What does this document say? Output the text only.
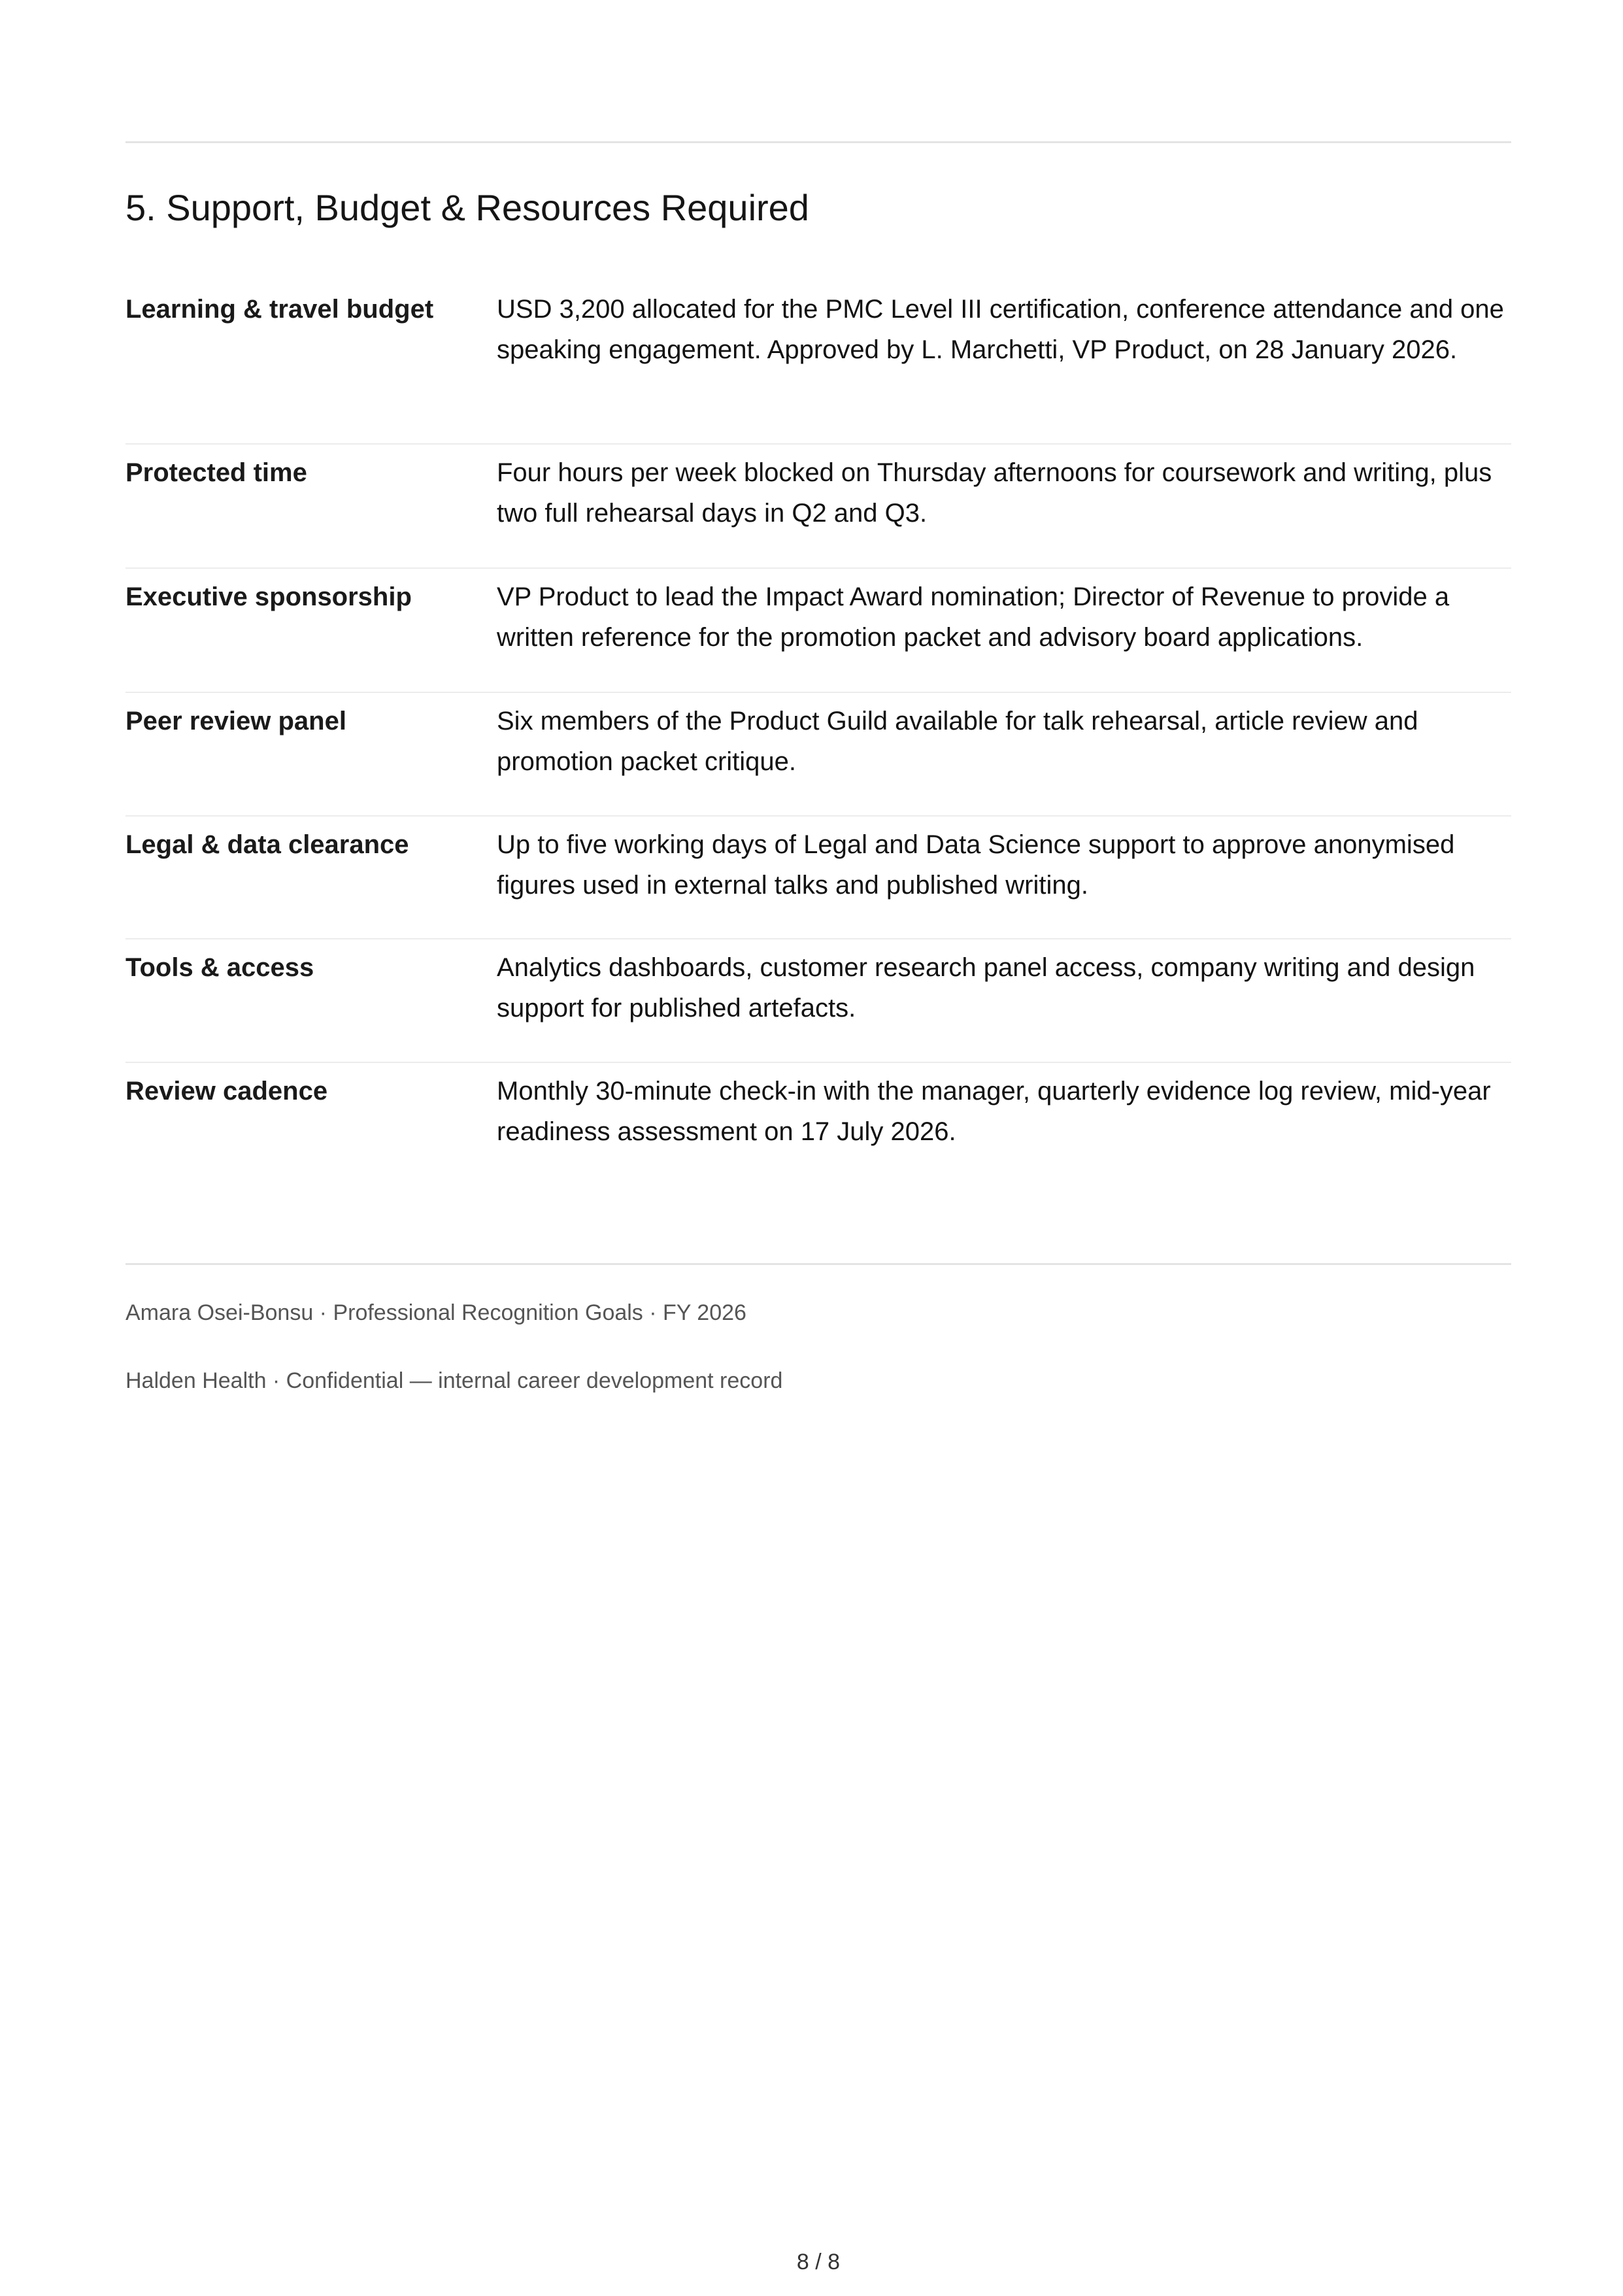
5. Support, Budget & Resources Required
Learning & travel budget	USD 3,200 allocated for the PMC Level III certification, conference attendance and one speaking engagement. Approved by L. Marchetti, VP Product, on 28 January 2026.
Protected time	Four hours per week blocked on Thursday afternoons for coursework and writing, plus two full rehearsal days in Q2 and Q3.
Executive sponsorship	VP Product to lead the Impact Award nomination; Director of Revenue to provide a written reference for the promotion packet and advisory board applications.
Peer review panel	Six members of the Product Guild available for talk rehearsal, article review and promotion packet critique.
Legal & data clearance	Up to five working days of Legal and Data Science support to approve anonymised figures used in external talks and published writing.
Tools & access	Analytics dashboards, customer research panel access, company writing and design support for published artefacts.
Review cadence	Monthly 30-minute check-in with the manager, quarterly evidence log review, mid-year readiness assessment on 17 July 2026.
Amara Osei-Bonsu · Professional Recognition Goals · FY 2026
Halden Health · Confidential — internal career development record
8 / 8
